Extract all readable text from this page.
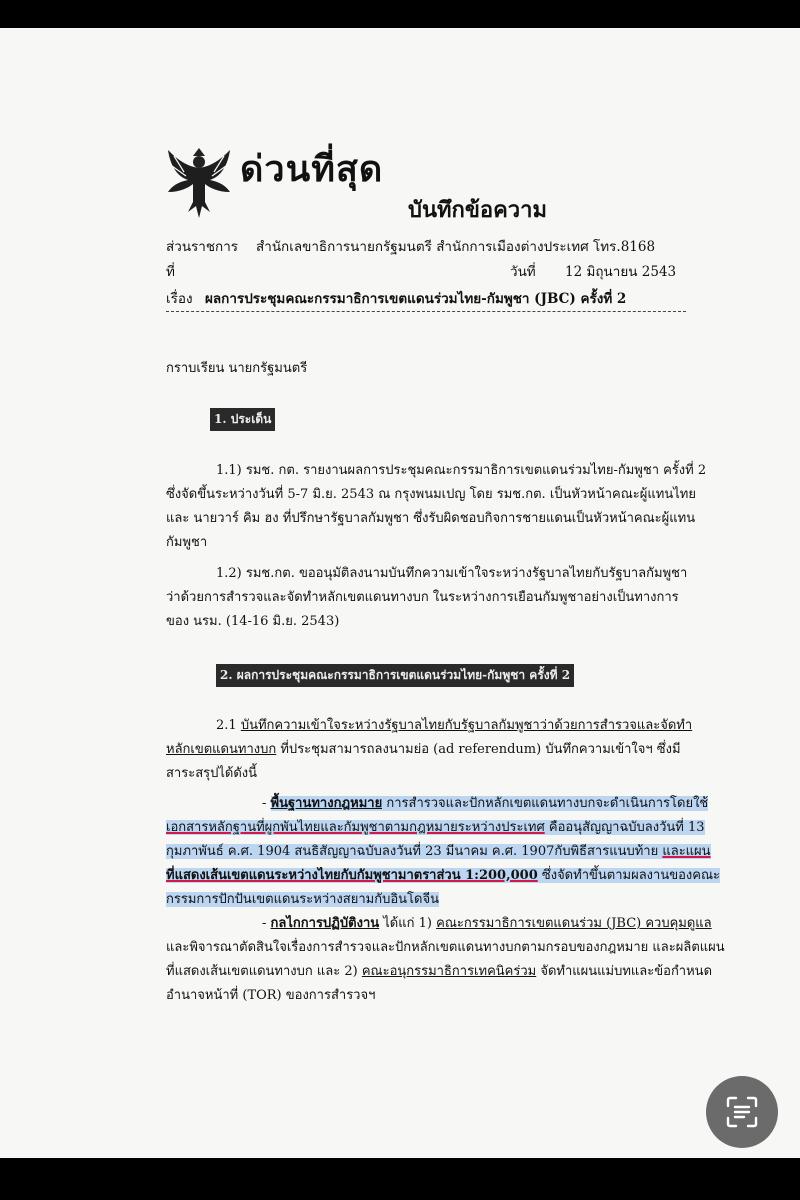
ด่วนที่สุด
บันทึกข้อความ
ส่วนราชการ สำนักเลขาธิการนายกรัฐมนตรี สำนักการเมืองต่างประเทศ โทร.8168
ที่	วันที่ 12 มิถุนายน 2543
เรื่อง ผลการประชุมคณะกรรมาธิการเขตแดนร่วมไทย-กัมพูชา (JBC) ครั้งที่ 2
กราบเรียน นายกรัฐมนตรี
1. ประเด็น
1.1) รมช. กต. รายงานผลการประชุมคณะกรรมาธิการเขตแดนร่วมไทย-กัมพูชา ครั้งที่ 2
ซึ่งจัดขึ้นระหว่างวันที่ 5-7 มิ.ย. 2543 ณ กรุงพนมเปญ โดย รมช.กต. เป็นหัวหน้าคณะผู้แทนไทย
และ นายวาร์ คิม ฮง ที่ปรึกษารัฐบาลกัมพูชา ซึ่งรับผิดชอบกิจการชายแดนเป็นหัวหน้าคณะผู้แทน
กัมพูชา
1.2) รมช.กต. ขออนุมัติลงนามบันทึกความเข้าใจระหว่างรัฐบาลไทยกับรัฐบาลกัมพูชา
ว่าด้วยการสำรวจและจัดทำหลักเขตแดนทางบก ในระหว่างการเยือนกัมพูชาอย่างเป็นทางการ
ของ นรม. (14-16 มิ.ย. 2543)
2. ผลการประชุมคณะกรรมาธิการเขตแดนร่วมไทย-กัมพูชา ครั้งที่ 2
2.1 บันทึกความเข้าใจระหว่างรัฐบาลไทยกับรัฐบาลกัมพูชาว่าด้วยการสำรวจและจัดทำ
หลักเขตแดนทางบก ที่ประชุมสามารถลงนามย่อ (ad referendum) บันทึกความเข้าใจฯ ซึ่งมี
สาระสรุปได้ดังนี้
- พื้นฐานทางกฎหมาย การสำรวจและปักหลักเขตแดนทางบกจะดำเนินการโดยใช้
เอกสารหลักฐานที่ผูกพันไทยและกัมพูชาตามกฎหมายระหว่างประเทศ คืออนุสัญญาฉบับลงวันที่ 13
กุมภาพันธ์ ค.ศ. 1904 สนธิสัญญาฉบับลงวันที่ 23 มีนาคม ค.ศ. 1907กับพิธีสารแนบท้าย และแผน
ที่แสดงเส้นเขตแดนระหว่างไทยกับกัมพูชามาตราส่วน 1:200,000 ซึ่งจัดทำขึ้นตามผลงานของคณะ
กรรมการปักปันเขตแดนระหว่างสยามกับอินโดจีน
- กลไกการปฏิบัติงาน ได้แก่ 1) คณะกรรมาธิการเขตแดนร่วม (JBC) ควบคุมดูแล
และพิจารณาตัดสินใจเรื่องการสำรวจและปักหลักเขตแดนทางบกตามกรอบของกฎหมาย และผลิตแผน
ที่แสดงเส้นเขตแดนทางบก และ 2) คณะอนุกรรมาธิการเทคนิคร่วม จัดทำแผนแม่บทและข้อกำหนด
อำนาจหน้าที่ (TOR) ของการสำรวจฯ
